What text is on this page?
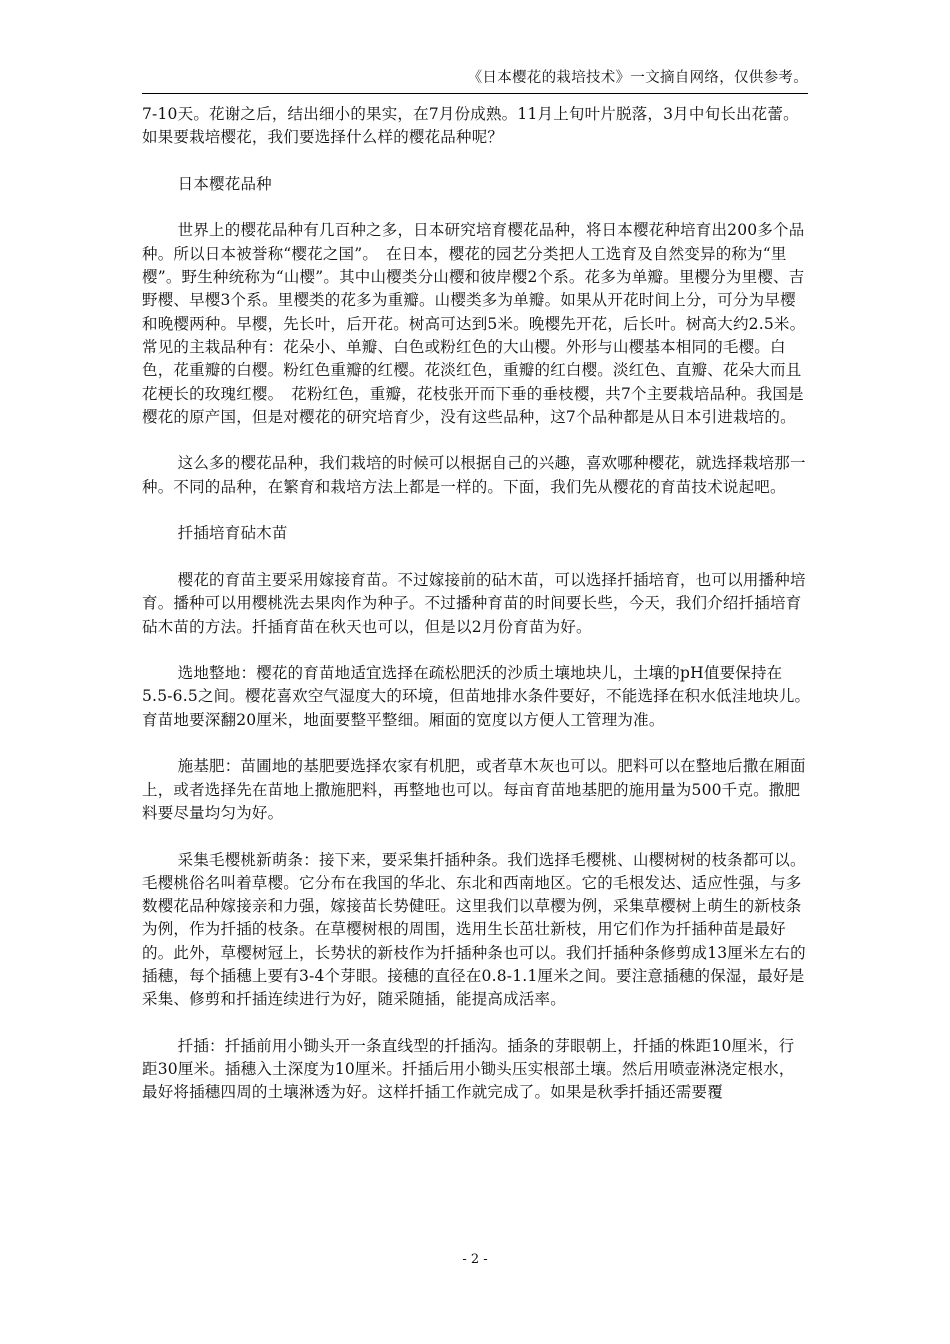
《日本樱花的栽培技术》一文摘自网络，仅供参考。

7-10天。花谢之后，结出细小的果实，在7月份成熟。11月上旬叶片脱落，3月中旬长出花蕾。如果要栽培樱花，我们要选择什么样的樱花品种呢？

日本樱花品种

世界上的樱花品种有几百种之多，日本研究培育樱花品种，将日本樱花种培育出200多个品种。所以日本被誉称“樱花之国”。　在日本，樱花的园艺分类把人工选育及自然变异的称为“里樱”。野生种统称为“山樱”。其中山樱类分山樱和彼岸樱2个系。花多为单瓣。里樱分为里樱、吉野樱、早樱3个系。里樱类的花多为重瓣。山樱类多为单瓣。如果从开花时间上分，可分为早樱和晚樱两种。早樱，先长叶，后开花。树高可达到5米。晚樱先开花，后长叶。树高大约2.5米。常见的主栽品种有：花朵小、单瓣、白色或粉红色的大山樱。外形与山樱基本相同的毛樱。白色，花重瓣的白樱。粉红色重瓣的红樱。花淡红色，重瓣的红白樱。淡红色、直瓣、花朵大而且花梗长的玫瑰红樱。　花粉红色，重瓣，花枝张开而下垂的垂枝樱，共7个主要栽培品种。我国是樱花的原产国，但是对樱花的研究培育少，没有这些品种，这7个品种都是从日本引进栽培的。

这么多的樱花品种，我们栽培的时候可以根据自己的兴趣，喜欢哪种樱花，就选择栽培那一种。不同的品种，在繁育和栽培方法上都是一样的。下面，我们先从樱花的育苗技术说起吧。

扦插培育砧木苗

樱花的育苗主要采用嫁接育苗。不过嫁接前的砧木苗，可以选择扦插培育，也可以用播种培育。播种可以用樱桃洗去果肉作为种子。不过播种育苗的时间要长些，今天，我们介绍扦插培育砧木苗的方法。扦插育苗在秋天也可以，但是以2月份育苗为好。

选地整地：樱花的育苗地适宜选择在疏松肥沃的沙质土壤地块儿，土壤的pH值要保持在5.5-6.5之间。樱花喜欢空气湿度大的环境，但苗地排水条件要好，不能选择在积水低洼地块儿。　育苗地要深翻20厘米，地面要整平整细。厢面的宽度以方便人工管理为准。

施基肥：苗圃地的基肥要选择农家有机肥，或者草木灰也可以。肥料可以在整地后撒在厢面上，或者选择先在苗地上撒施肥料，再整地也可以。每亩育苗地基肥的施用量为500千克。撒肥料要尽量均匀为好。

采集毛樱桃新萌条：接下来，要采集扦插种条。我们选择毛樱桃、山樱树树的枝条都可以。毛樱桃俗名叫着草樱。它分布在我国的华北、东北和西南地区。它的毛根发达、适应性强，与多数樱花品种嫁接亲和力强，嫁接苗长势健旺。这里我们以草樱为例，采集草樱树上萌生的新枝条为例，作为扦插的枝条。在草樱树根的周围，选用生长茁壮新枝，用它们作为扦插种苗是最好的。此外，草樱树冠上，长势状的新枝作为扦插种条也可以。我们扦插种条修剪成13厘米左右的插穗，每个插穗上要有3-4个芽眼。接穗的直径在0.8-1.1厘米之间。要注意插穗的保湿，最好是采集、修剪和扦插连续进行为好，随采随插，能提高成活率。

扦插：扦插前用小锄头开一条直线型的扦插沟。插条的芽眼朝上，扦插的株距10厘米，行距30厘米。插穗入土深度为10厘米。扦插后用小锄头压实根部土壤。然后用喷壶淋浇定根水，最好将插穗四周的土壤淋透为好。这样扦插工作就完成了。如果是秋季扦插还需要覆

- 2 -
